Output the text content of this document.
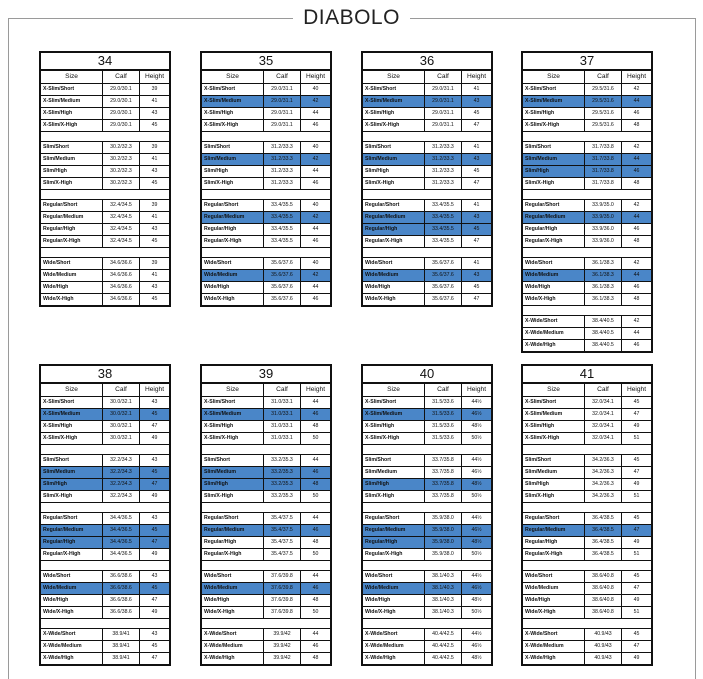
DIABOLO
34
Size	Calf	Height
X-Slim/Short	29.0/30.1	39
X-Slim/Medium	29.0/30.1	41
X-Slim/High	29.0/30.1	43
X-Slim/X-High	29.0/30.1	45
Slim/Short	30.2/32.3	39
Slim/Medium	30.2/32.3	41
Slim/High	30.2/32.3	43
Slim/X-High	30.2/32.3	45
Regular/Short	32.4/34.5	39
Regular/Medium	32.4/34.5	41
Regular/High	32.4/34.5	43
Regular/X-High	32.4/34.5	45
Wide/Short	34.6/36.6	39
Wide/Medium	34.6/36.6	41
Wide/High	34.6/36.6	43
Wide/X-High	34.6/36.6	45
35
Size	Calf	Height
X-Slim/Short	29.0/31.1	40
X-Slim/Medium	29.0/31.1	42
X-Slim/High	29.0/31.1	44
X-Slim/X-High	29.0/31.1	46
Slim/Short	31.2/33.3	40
Slim/Medium	31.2/33.3	42
Slim/High	31.2/33.3	44
Slim/X-High	31.2/33.3	46
Regular/Short	33.4/35.5	40
Regular/Medium	33.4/35.5	42
Regular/High	33.4/35.5	44
Regular/X-High	33.4/35.5	46
Wide/Short	35.6/37.6	40
Wide/Medium	35.6/37.6	42
Wide/High	35.6/37.6	44
Wide/X-High	35.6/37.6	46
36
Size	Calf	Height
X-Slim/Short	29.0/31.1	41
X-Slim/Medium	29.0/31.1	43
X-Slim/High	29.0/31.1	45
X-Slim/X-High	29.0/31.1	47
Slim/Short	31.2/33.3	41
Slim/Medium	31.2/33.3	43
Slim/High	31.2/33.3	45
Slim/X-High	31.2/33.3	47
Regular/Short	33.4/35.5	41
Regular/Medium	33.4/35.5	43
Regular/High	33.4/35.5	45
Regular/X-High	33.4/35.5	47
Wide/Short	35.6/37.6	41
Wide/Medium	35.6/37.6	43
Wide/High	35.6/37.6	45
Wide/X-High	35.6/37.6	47
37
Size	Calf	Height
X-Slim/Short	29.5/31.6	42
X-Slim/Medium	29.5/31.6	44
X-Slim/High	29.5/31.6	46
X-Slim/X-High	29.5/31.6	48
Slim/Short	31.7/33.8	42
Slim/Medium	31.7/33.8	44
Slim/High	31.7/33.8	46
Slim/X-High	31.7/33.8	48
Regular/Short	33.9/35.0	42
Regular/Medium	33.9/35.0	44
Regular/High	33.9/36.0	46
Regular/X-High	33.9/36.0	48
Wide/Short	36.1/38.3	42
Wide/Medium	36.1/38.3	44
Wide/High	36.1/38.3	46
Wide/X-High	36.1/38.3	48
X-Wide/Short	38.4/40.5	42
X-Wide/Medium	38.4/40.5	44
X-Wide/High	38.4/40.5	46
38
Size	Calf	Height
X-Slim/Short	30.0/32.1	43
X-Slim/Medium	30.0/32.1	45
X-Slim/High	30.0/32.1	47
X-Slim/X-High	30.0/32.1	49
Slim/Short	32.2/34.3	43
Slim/Medium	32.2/34.3	45
Slim/High	32.2/34.3	47
Slim/X-High	32.2/34.3	49
Regular/Short	34.4/36.5	43
Regular/Medium	34.4/36.5	45
Regular/High	34.4/36.5	47
Regular/X-High	34.4/36.5	49
Wide/Short	36.6/38.6	43
Wide/Medium	36.6/38.6	45
Wide/High	36.6/38.6	47
Wide/X-High	36.6/38.6	49
X-Wide/Short	38.9/41	43
X-Wide/Medium	38.9/41	45
X-Wide/High	38.9/41	47
39
Size	Calf	Height
X-Slim/Short	31.0/33.1	44
X-Slim/Medium	31.0/33.1	46
X-Slim/High	31.0/33.1	48
X-Slim/X-High	31.0/33.1	50
Slim/Short	33.2/35.3	44
Slim/Medium	33.2/35.3	46
Slim/High	33.2/35.3	48
Slim/X-High	33.2/35.3	50
Regular/Short	35.4/37.5	44
Regular/Medium	35.4/37.5	46
Regular/High	35.4/37.5	48
Regular/X-High	35.4/37.5	50
Wide/Short	37.6/39.8	44
Wide/Medium	37.6/39.8	46
Wide/High	37.6/39.8	48
Wide/X-High	37.6/39.8	50
X-Wide/Short	39.9/42	44
X-Wide/Medium	39.9/42	46
X-Wide/High	39.9/42	48
40
Size	Calf	Height
X-Slim/Short	31.5/33.6	44½
X-Slim/Medium	31.5/33.6	46½
X-Slim/High	31.5/33.6	48½
X-Slim/X-High	31.5/33.6	50½
Slim/Short	33.7/35.8	44½
Slim/Medium	33.7/35.8	46½
Slim/High	33.7/35.8	48½
Slim/X-High	33.7/35.8	50½
Regular/Short	35.9/38.0	44½
Regular/Medium	35.9/38.0	46½
Regular/High	35.9/38.0	48½
Regular/X-High	35.9/38.0	50½
Wide/Short	38.1/40.3	44½
Wide/Medium	38.1/40.3	46½
Wide/High	38.1/40.3	48½
Wide/X-High	38.1/40.3	50½
X-Wide/Short	40.4/42.5	44½
X-Wide/Medium	40.4/42.5	46½
X-Wide/High	40.4/42.5	48½
41
Size	Calf	Height
X-Slim/Short	32.0/34.1	45
X-Slim/Medium	32.0/34.1	47
X-Slim/High	32.0/34.1	49
X-Slim/X-High	32.0/34.1	51
Slim/Short	34.2/36.3	45
Slim/Medium	34.2/36.3	47
Slim/High	34.2/36.3	49
Slim/X-High	34.2/36.3	51
Regular/Short	36.4/38.5	45
Regular/Medium	36.4/38.5	47
Regular/High	36.4/38.5	49
Regular/X-High	36.4/38.5	51
Wide/Short	38.6/40.8	45
Wide/Medium	38.6/40.8	47
Wide/High	38.6/40.8	49
Wide/X-High	38.6/40.8	51
X-Wide/Short	40.9/43	45
X-Wide/Medium	40.9/43	47
X-Wide/High	40.9/43	49
